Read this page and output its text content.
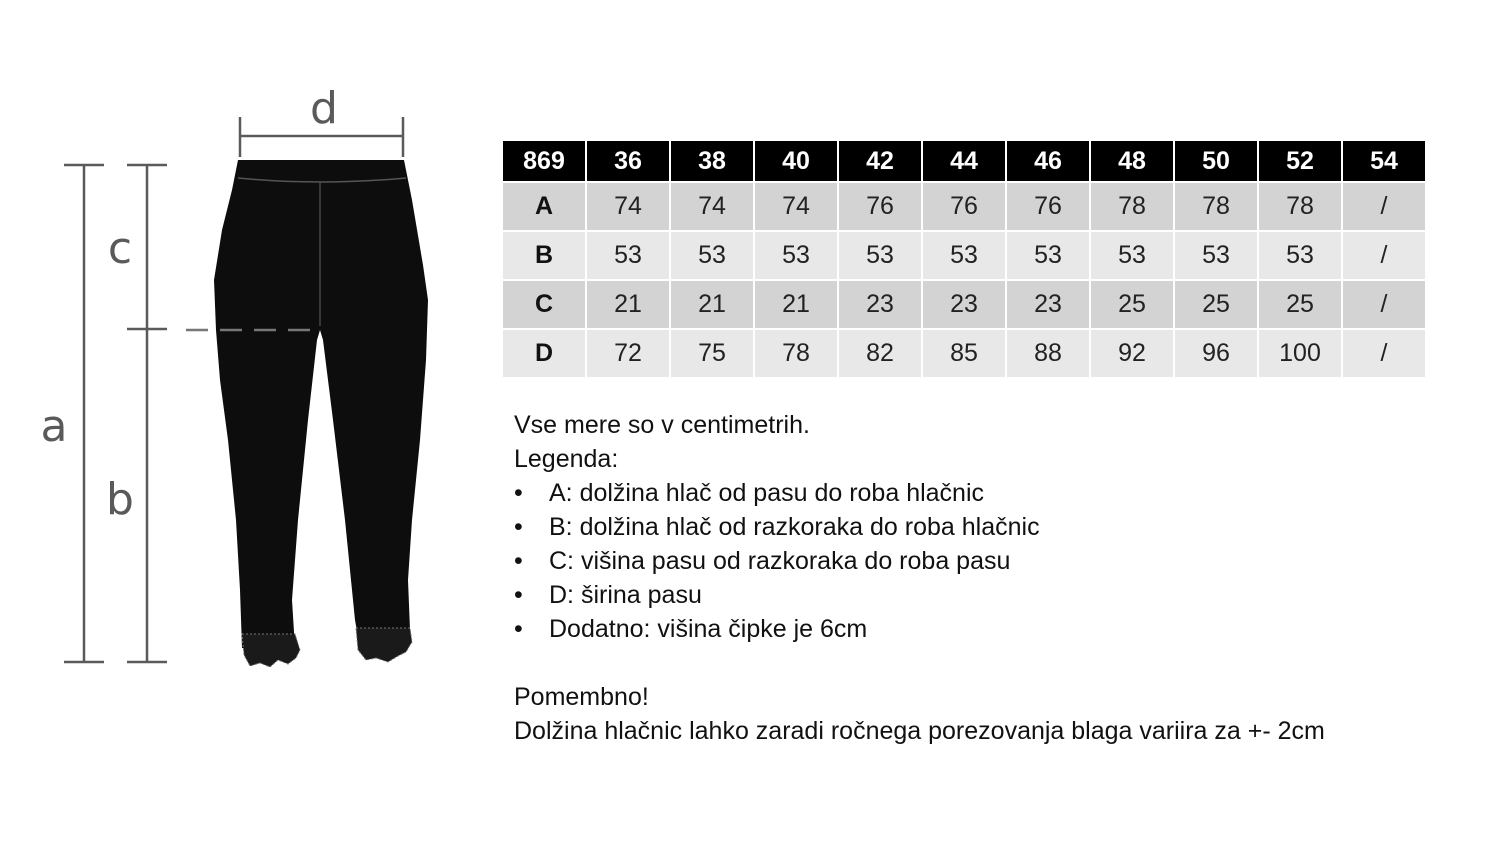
d
c
a
b
869	36	38	40	42	44	46	48	50	52	54
A	74	74	74	76	76	76	78	78	78	/
B	53	53	53	53	53	53	53	53	53	/
C	21	21	21	23	23	23	25	25	25	/
D	72	75	78	82	85	88	92	96	100	/
Vse mere so v centimetrih.
Legenda:
• A: dolžina hlač od pasu do roba hlačnic
• B: dolžina hlač od razkoraka do roba hlačnic
• C: višina pasu od razkoraka do roba pasu
• D: širina pasu
• Dodatno: višina čipke je 6cm
Pomembno!
Dolžina hlačnic lahko zaradi ročnega porezovanja blaga variira za +- 2cm
